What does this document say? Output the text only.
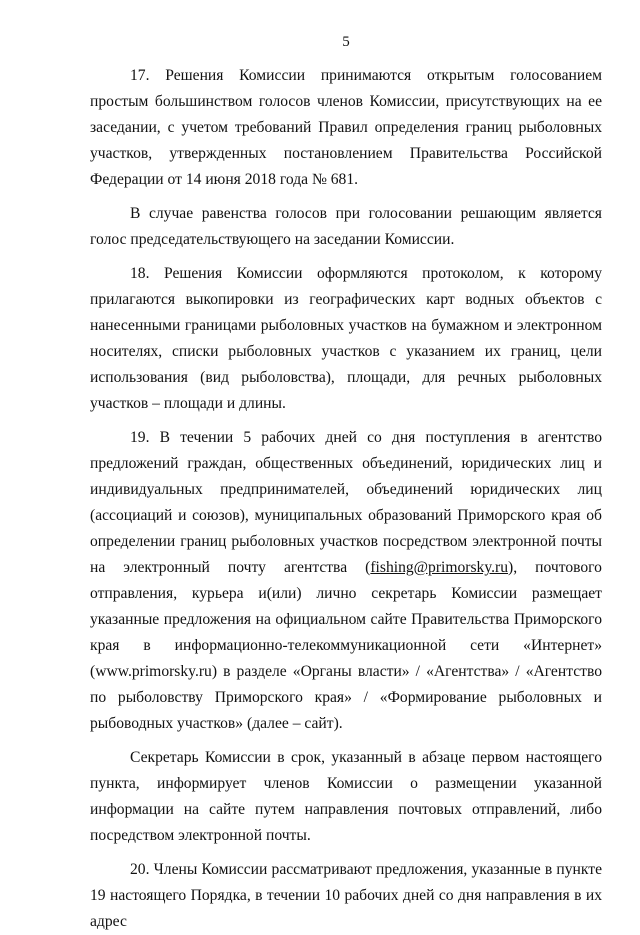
5

17. Решения Комиссии принимаются открытым голосованием простым большинством голосов членов Комиссии, присутствующих на ее заседании, с учетом требований Правил определения границ рыболовных участков, утвержденных постановлением Правительства Российской Федерации от 14 июня 2018 года № 681.

В случае равенства голосов при голосовании решающим является голос председательствующего на заседании Комиссии.

18. Решения Комиссии оформляются протоколом, к которому прилагаются выкопировки из географических карт водных объектов с нанесенными границами рыболовных участков на бумажном и электронном носителях, списки рыболовных участков с указанием их границ, цели использования (вид рыболовства), площади, для речных рыболовных участков – площади и длины.

19. В течении 5 рабочих дней со дня поступления в агентство предложений граждан, общественных объединений, юридических лиц и индивидуальных предпринимателей, объединений юридических лиц (ассоциаций и союзов), муниципальных образований Приморского края об определении границ рыболовных участков посредством электронной почты на электронный почту агентства (fishing@primorsky.ru), почтового отправления, курьера и(или) лично секретарь Комиссии размещает указанные предложения на официальном сайте Правительства Приморского края в информационно-телекоммуникационной сети «Интернет» (www.primorsky.ru) в разделе «Органы власти» / «Агентства» / «Агентство по рыболовству Приморского края» / «Формирование рыболовных и рыбоводных участков» (далее – сайт).

Секретарь Комиссии в срок, указанный в абзаце первом настоящего пункта, информирует членов Комиссии о размещении указанной информации на сайте путем направления почтовых отправлений, либо посредством электронной почты.

20. Члены Комиссии рассматривают предложения, указанные в пункте 19 настоящего Порядка, в течении 10 рабочих дней со дня направления в их адрес
